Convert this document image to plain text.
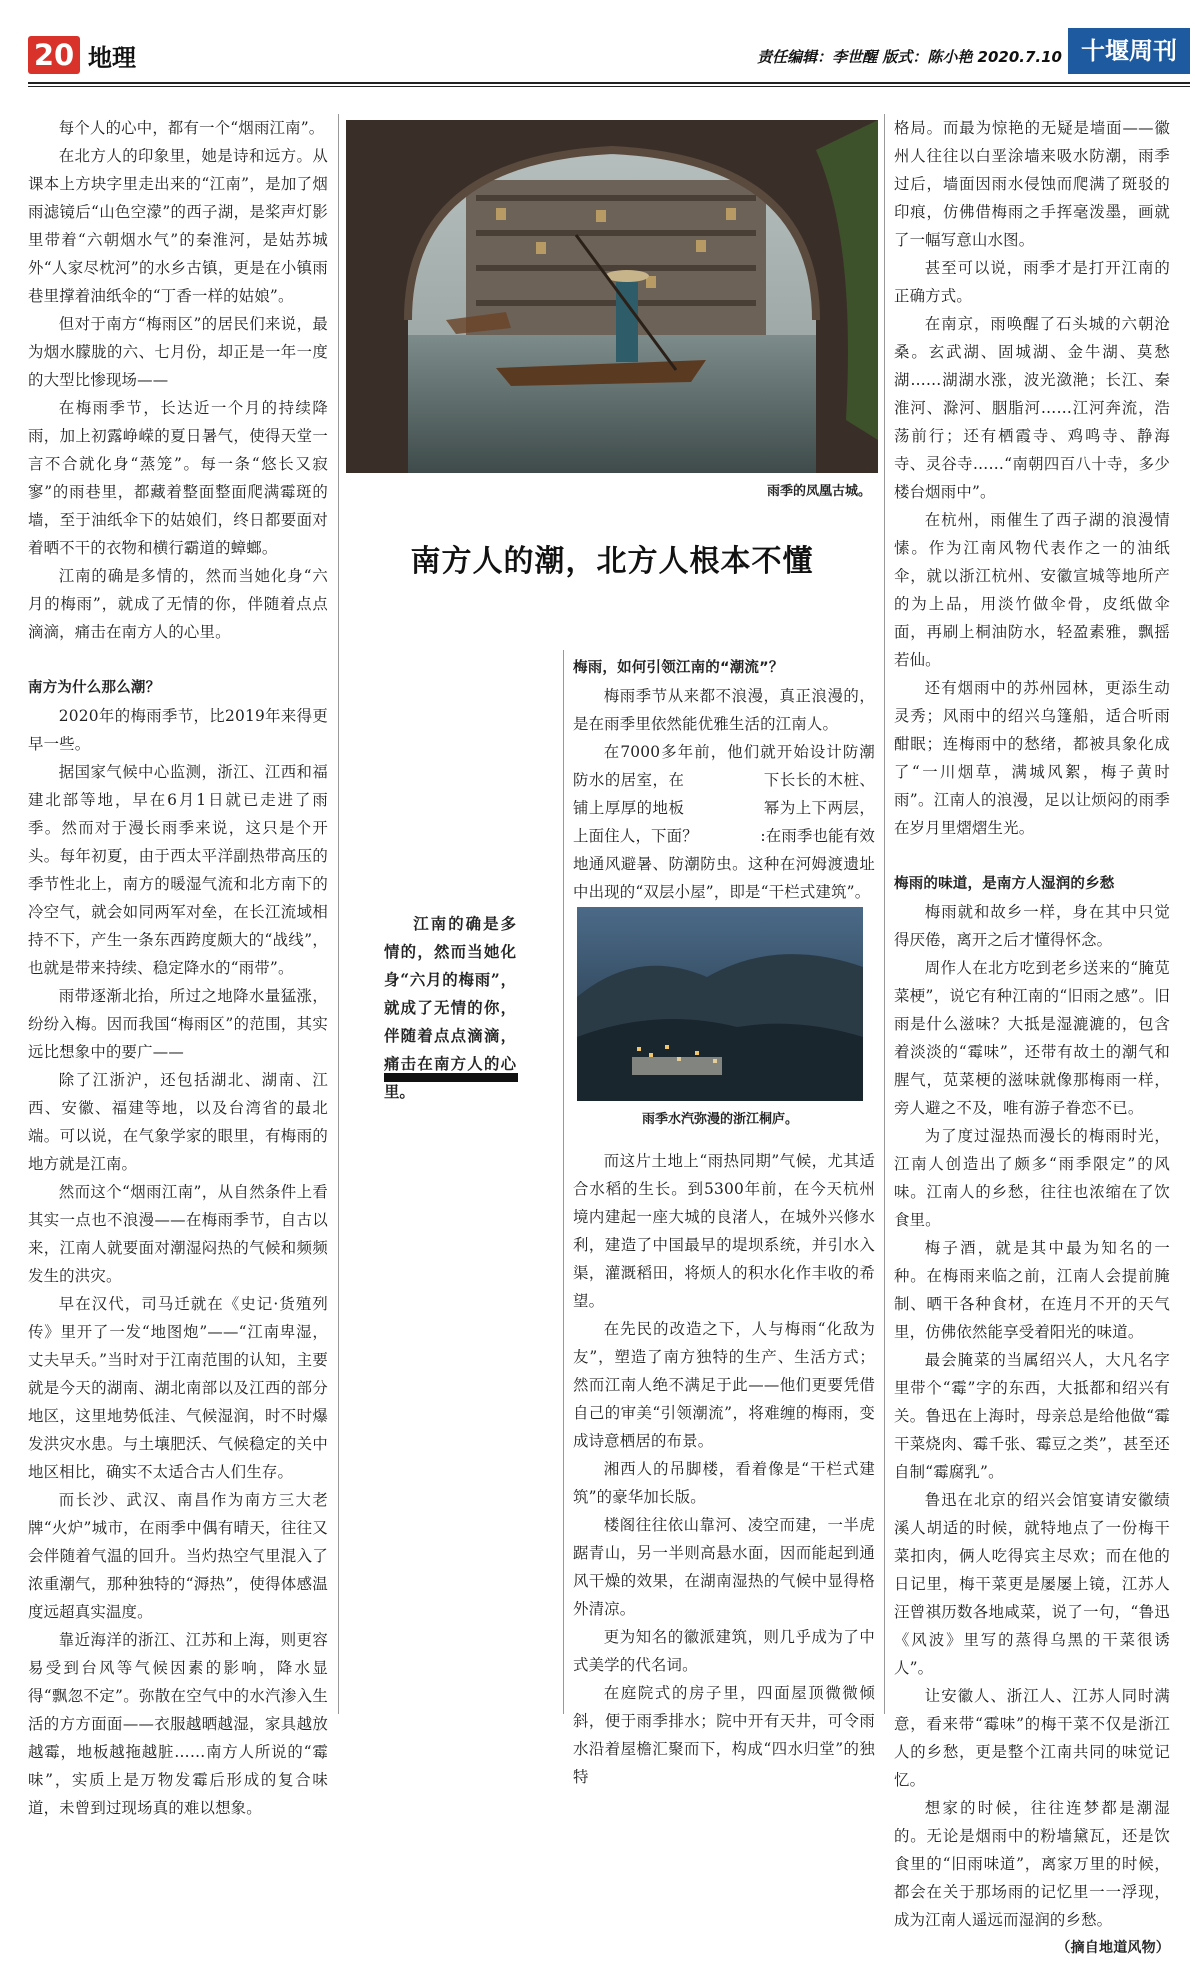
20 地理	责任编辑：李世醒 版式：陈小艳 2020.7.10 十堰周刊

每个人的心中，都有一个“烟雨江南”。

在北方人的印象里，她是诗和远方。从课本上方块字里走出来的“江南”，是加了烟雨滤镜后“山色空濛”的西子湖，是桨声灯影里带着“六朝烟水气”的秦淮河，是姑苏城外“人家尽枕河”的水乡古镇，更是在小镇雨巷里撑着油纸伞的“丁香一样的姑娘”。

但对于南方“梅雨区”的居民们来说，最为烟水朦胧的六、七月份，却正是一年一度的大型比惨现场——

在梅雨季节，长达近一个月的持续降雨，加上初露峥嵘的夏日暑气，使得天堂一言不合就化身“蒸笼”。每一条“悠长又寂寥”的雨巷里，都藏着整面整面爬满霉斑的墙，至于油纸伞下的姑娘们，终日都要面对着晒不干的衣物和横行霸道的蟑螂。

江南的确是多情的，然而当她化身“六月的梅雨”，就成了无情的你，伴随着点点滴滴，痛击在南方人的心里。

南方为什么那么潮？

2020年的梅雨季节，比2019年来得更早一些。

据国家气候中心监测，浙江、江西和福建北部等地，早在6月1日就已走进了雨季。然而对于漫长雨季来说，这只是个开头。每年初夏，由于西太平洋副热带高压的季节性北上，南方的暖湿气流和北方南下的冷空气，就会如同两军对垒，在长江流域相持不下，产生一条东西跨度颇大的“战线”，也就是带来持续、稳定降水的“雨带”。

雨带逐渐北抬，所过之地降水量猛涨，纷纷入梅。因而我国“梅雨区”的范围，其实远比想象中的要广——

除了江浙沪，还包括湖北、湖南、江西、安徽、福建等地，以及台湾省的最北端。可以说，在气象学家的眼里，有梅雨的地方就是江南。

然而这个“烟雨江南”，从自然条件上看其实一点也不浪漫——在梅雨季节，自古以来，江南人就要面对潮湿闷热的气候和频频发生的洪灾。

早在汉代，司马迁就在《史记·货殖列传》里开了一发“地图炮”——“江南卑湿，丈夫早夭。”当时对于江南范围的认知，主要就是今天的湖南、湖北南部以及江西的部分地区，这里地势低洼、气候湿润，时不时爆发洪灾水患。与土壤肥沃、气候稳定的关中地区相比，确实不太适合古人们生存。

而长沙、武汉、南昌作为南方三大老牌“火炉”城市，在雨季中偶有晴天，往往又会伴随着气温的回升。当灼热空气里混入了浓重潮气，那种独特的“溽热”，使得体感温度远超真实温度。

靠近海洋的浙江、江苏和上海，则更容易受到台风等气候因素的影响，降水显得“飘忽不定”。弥散在空气中的水汽渗入生活的方方面面——衣服越晒越湿，家具越放越霉，地板越拖越脏……南方人所说的“霉味”，实质上是万物发霉后形成的复合味道，未曾到过现场真的难以想象。

雨季的凤凰古城。
南方人的潮，北方人根本不懂
江南的确是多情的，然而当她化身“六月的梅雨”，就成了无情的你，伴随着点点滴滴，痛击在南方人的心里。
梅雨，如何引领江南的“潮流”？

梅雨季节从来都不浪漫，真正浪漫的，是在雨季里依然能优雅生活的江南人。

在7000多年前，他们就开始设计防潮防水的居室，在　　　　　下长长的木桩、铺上厚厚的地板　　　　　幂为上下两层，上面住人，下面？　　　　:在雨季也能有效地通风避暑、防潮防虫。这种在河姆渡遗址中出现的“双层小屋”，即是“干栏式建筑”。

雨季水汽弥漫的浙江桐庐。

而这片土地上“雨热同期”气候，尤其适合水稻的生长。到5300年前，在今天杭州境内建起一座大城的良渚人，在城外兴修水利，建造了中国最早的堤坝系统，并引水入渠，灌溉稻田，将烦人的积水化作丰收的希望。

在先民的改造之下，人与梅雨“化敌为友”，塑造了南方独特的生产、生活方式；然而江南人绝不满足于此——他们更要凭借自己的审美“引领潮流”，将难缠的梅雨，变成诗意栖居的布景。

湘西人的吊脚楼，看着像是“干栏式建筑”的豪华加长版。

楼阁往往依山靠河、凌空而建，一半虎踞青山，另一半则高悬水面，因而能起到通风干燥的效果，在湖南湿热的气候中显得格外清凉。

更为知名的徽派建筑，则几乎成为了中式美学的代名词。

在庭院式的房子里，四面屋顶微微倾斜，便于雨季排水；院中开有天井，可令雨水沿着屋檐汇聚而下，构成“四水归堂”的独特

格局。而最为惊艳的无疑是墙面——徽州人往往以白垩涂墙来吸水防潮，雨季过后，墙面因雨水侵蚀而爬满了斑驳的印痕，仿佛借梅雨之手挥毫泼墨，画就了一幅写意山水图。

甚至可以说，雨季才是打开江南的正确方式。

在南京，雨唤醒了石头城的六朝沧桑。玄武湖、固城湖、金牛湖、莫愁湖……湖湖水涨，波光潋滟；长江、秦淮河、滁河、胭脂河……江河奔流，浩荡前行；还有栖霞寺、鸡鸣寺、静海寺、灵谷寺……“南朝四百八十寺，多少楼台烟雨中”。

在杭州，雨催生了西子湖的浪漫情愫。作为江南风物代表作之一的油纸伞，就以浙江杭州、安徽宣城等地所产的为上品，用淡竹做伞骨，皮纸做伞面，再刷上桐油防水，轻盈素雅，飘摇若仙。

还有烟雨中的苏州园林，更添生动灵秀；风雨中的绍兴乌篷船，适合听雨酣眠；连梅雨中的愁绪，都被具象化成了“一川烟草，满城风絮，梅子黄时雨”。江南人的浪漫，足以让烦闷的雨季在岁月里熠熠生光。

梅雨的味道，是南方人湿润的乡愁

梅雨就和故乡一样，身在其中只觉得厌倦，离开之后才懂得怀念。

周作人在北方吃到老乡送来的“腌苋菜梗”，说它有种江南的“旧雨之感”。旧雨是什么滋味？大抵是湿漉漉的，包含着淡淡的“霉味”，还带有故土的潮气和腥气，苋菜梗的滋味就像那梅雨一样，旁人避之不及，唯有游子眷恋不已。

为了度过湿热而漫长的梅雨时光，江南人创造出了颇多“雨季限定”的风味。江南人的乡愁，往往也浓缩在了饮食里。

梅子酒，就是其中最为知名的一种。在梅雨来临之前，江南人会提前腌制、晒干各种食材，在连月不开的天气里，仿佛依然能享受着阳光的味道。

最会腌菜的当属绍兴人，大凡名字里带个“霉”字的东西，大抵都和绍兴有关。鲁迅在上海时，母亲总是给他做“霉干菜烧肉、霉千张、霉豆之类”，甚至还自制“霉腐乳”。

鲁迅在北京的绍兴会馆宴请安徽绩溪人胡适的时候，就特地点了一份梅干菜扣肉，俩人吃得宾主尽欢；而在他的日记里，梅干菜更是屡屡上镜，江苏人汪曾祺历数各地咸菜，说了一句，“鲁迅《风波》里写的蒸得乌黑的干菜很诱人”。

让安徽人、浙江人、江苏人同时满意，看来带“霉味”的梅干菜不仅是浙江人的乡愁，更是整个江南共同的味觉记忆。

想家的时候，往往连梦都是潮湿的。无论是烟雨中的粉墙黛瓦，还是饮食里的“旧雨味道”，离家万里的时候，都会在关于那场雨的记忆里一一浮现，成为江南人遥远而湿润的乡愁。

（摘自地道风物）
